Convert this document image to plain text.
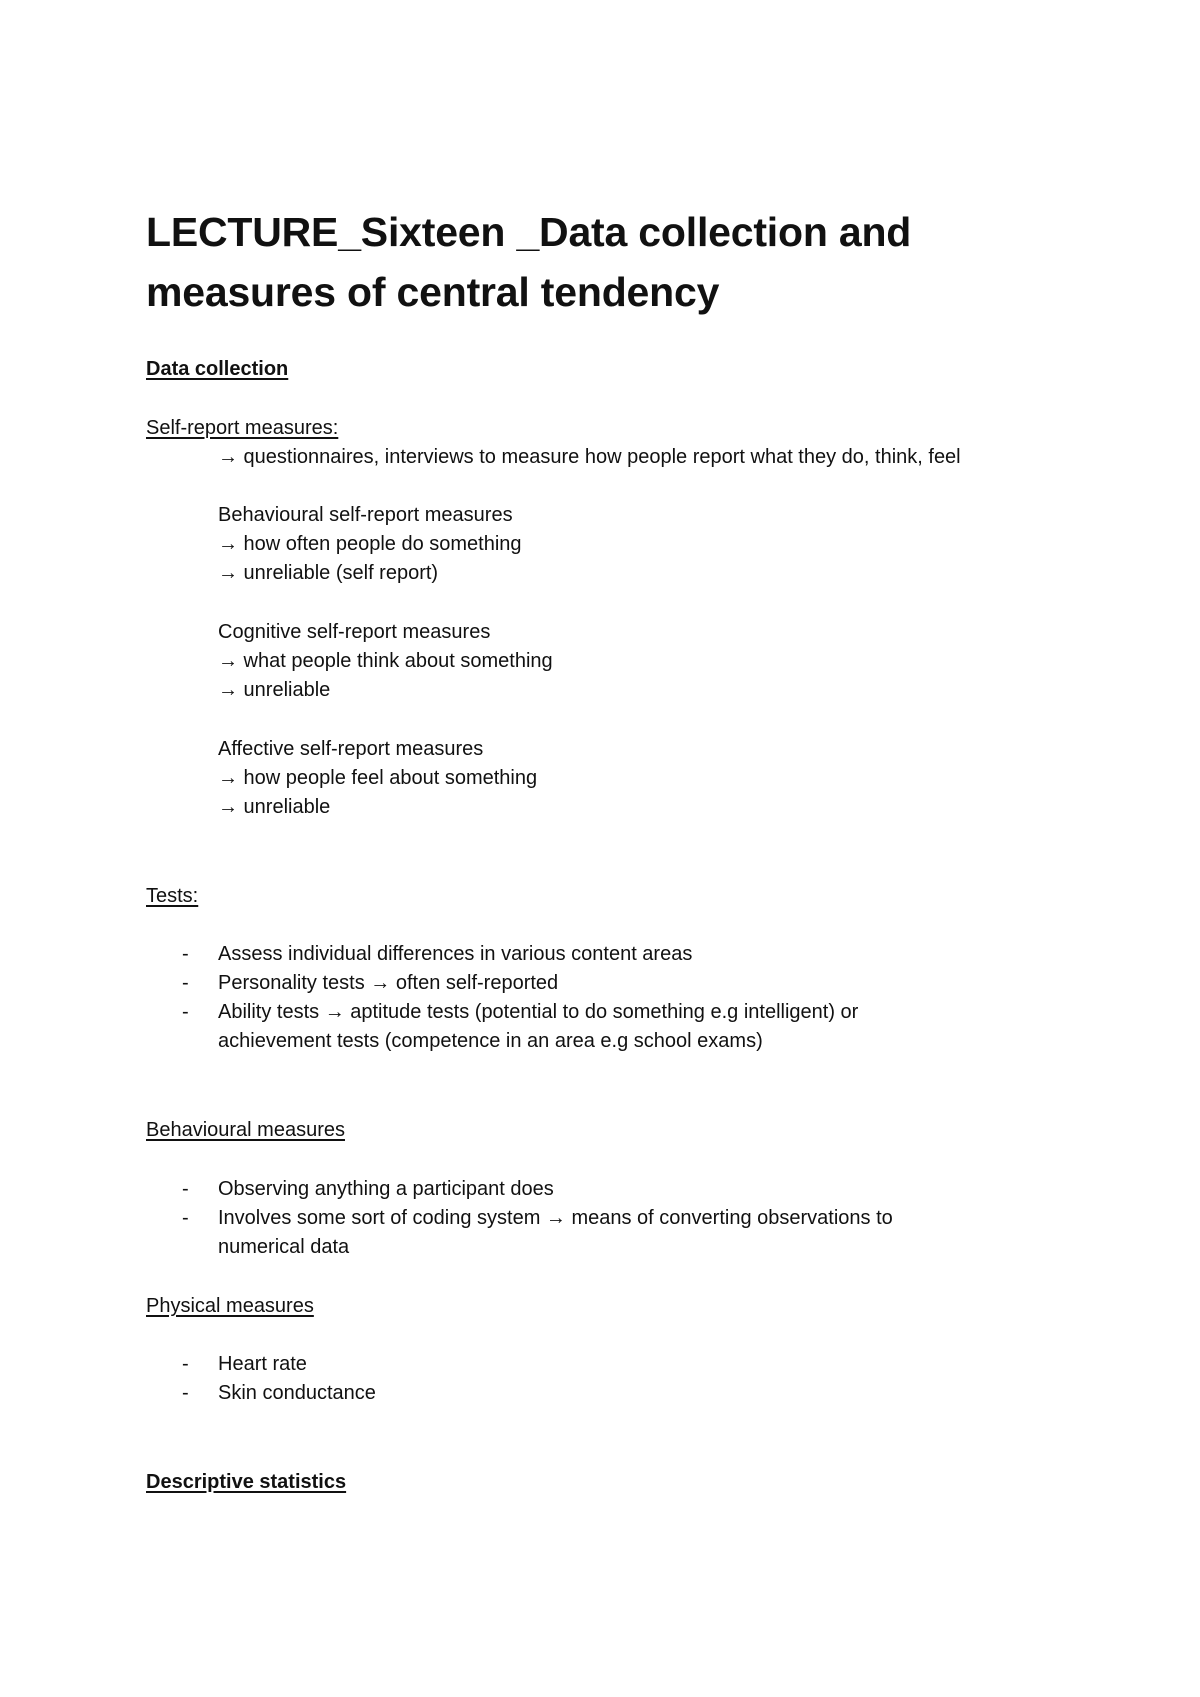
LECTURE_Sixteen _Data collection and measures of central tendency

Data collection

Self-report measures:

→ questionnaires, interviews to measure how people report what they do, think, feel

Behavioural self-report measures

→ how often people do something

→ unreliable (self report)

Cognitive self-report measures

→ what people think about something

→ unreliable

Affective self-report measures

→ how people feel about something

→ unreliable

Tests:

- Assess individual differences in various content areas

- Personality tests → often self-reported

- Ability tests → aptitude tests (potential to do something e.g intelligent) or

achievement tests (competence in an area e.g school exams)

Behavioural measures

- Observing anything a participant does

- Involves some sort of coding system → means of converting observations to

numerical data

Physical measures

- Heart rate

- Skin conductance

Descriptive statistics
